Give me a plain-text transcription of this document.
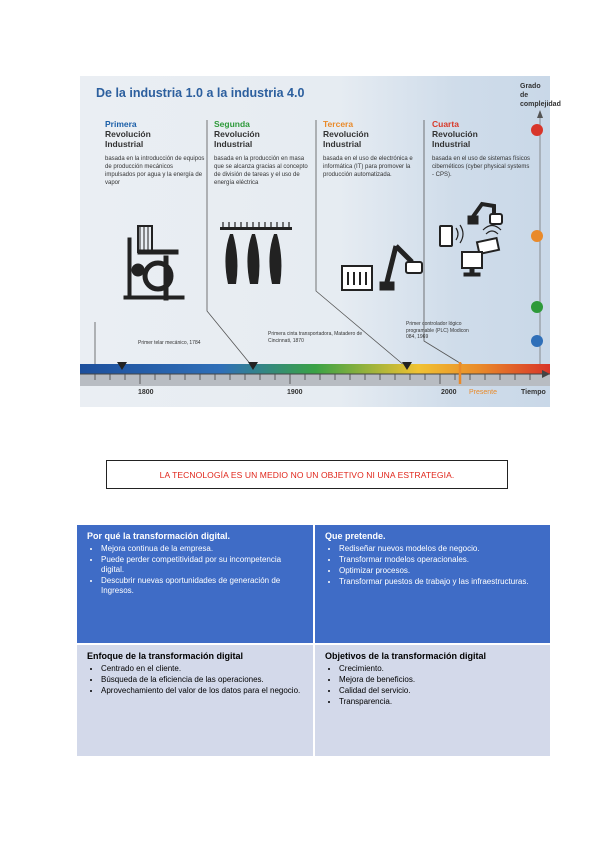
De la industria 1.0 a la industria 4.0	Grado de complejidad
Primera
Revolución
Industrial
basada en la introducción de equipos de producción mecánicos impulsados por agua y la energía de vapor
Segunda
Revolución
Industrial
basada en la producción en masa que se alcanza gracias al concepto de división de tareas y el uso de energía eléctrica
Tercera
Revolución
Industrial
basada en el uso de electrónica e informática (IT) para promover la producción automatizada.
Cuarta
Revolución
Industrial
basada en el uso de sistemas físicos cibernéticos (cyber physical systems - CPS).
Primer telar mecánico, 1784
Primera cinta transportadora, Matadero de Cincinnati, 1870
Primer controlador lógico programable (PLC) Modicon 084, 1969
1800	1900	2000 Presente	Tiempo
LA TECNOLOGÍA ES UN MEDIO NO UN OBJETIVO NI UNA ESTRATEGIA.
Por qué la transformación digital.
• Mejora continua de la empresa.
• Puede perder competitividad por su incompetencia digital.
• Descubrir nuevas oportunidades de generación de Ingresos.
Que pretende.
• Rediseñar nuevos modelos de negocio.
• Transformar modelos operacionales.
• Optimizar procesos.
• Transformar puestos de trabajo y las infraestructuras.
Enfoque de la transformación digital
• Centrado en el cliente.
• Búsqueda de la eficiencia de las operaciones.
• Aprovechamiento del valor de los datos para el negocio.
Objetivos de la transformación digital
• Crecimiento.
• Mejora de beneficios.
• Calidad del servicio.
• Transparencia.
